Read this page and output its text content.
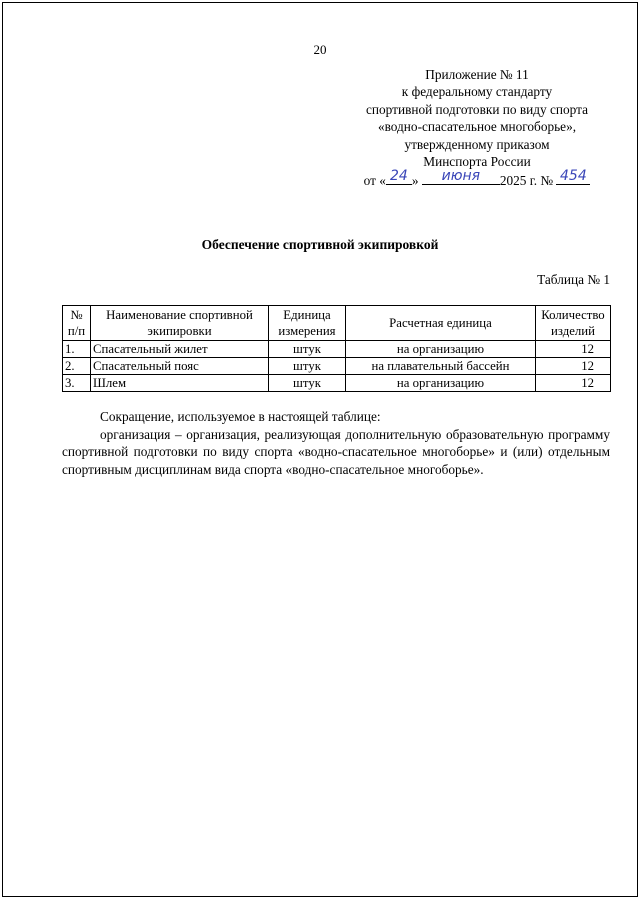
20
Приложение № 11
к федеральному стандарту
спортивной подготовки по виду спорта
«водно-спасательное многоборье»,
утвержденному приказом
Минспорта России
от « 24 »	июня	2025 г. № 454
Обеспечение спортивной экипировкой
Таблица № 1
№ п/п	Наименование спортивной экипировки	Единица измерения	Расчетная единица	Количество изделий
1.	Спасательный жилет	штук	на организацию	12
2.	Спасательный пояс	штук	на плавательный бассейн	12
3.	Шлем	штук	на организацию	12

Сокращение, используемое в настоящей таблице:

организация – организация, реализующая дополнительную образовательную программу спортивной подготовки по виду спорта «водно-спасательное многоборье» и (или) отдельным спортивным дисциплинам вида спорта «водно-спасательное многоборье».
